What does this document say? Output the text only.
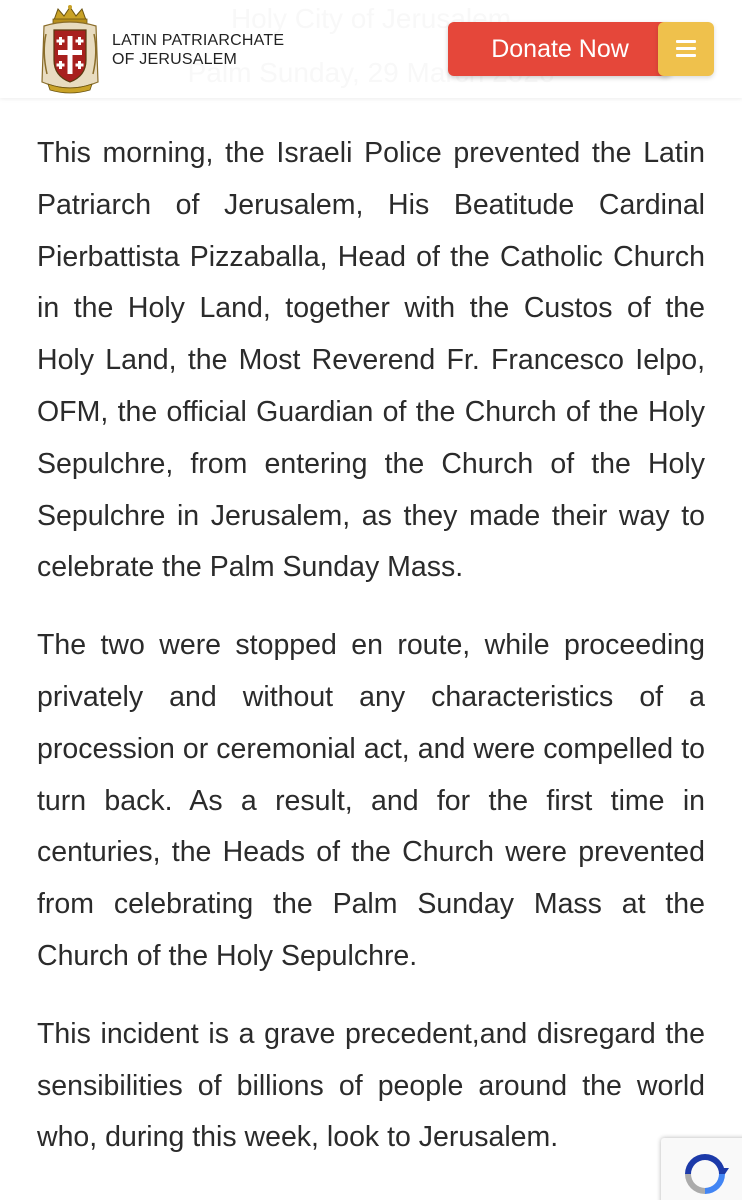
LATIN PATRIARCHATE
OF JERUSALEM	Donate Now

This morning, the Israeli Police prevented the Latin Patriarch of Jerusalem, His Beatitude Cardinal Pierbattista Pizzaballa, Head of the Catholic Church in the Holy Land, together with the Custos of the Holy Land, the Most Reverend Fr. Francesco Ielpo, OFM, the official Guardian of the Church of the Holy Sepulchre, from entering the Church of the Holy Sepulchre in Jerusalem, as they made their way to celebrate the Palm Sunday Mass.

The two were stopped en route, while proceeding privately and without any characteristics of a procession or ceremonial act, and were compelled to turn back. As a result, and for the first time in centuries, the Heads of the Church were prevented from celebrating the Palm Sunday Mass at the Church of the Holy Sepulchre.

This incident is a grave precedent,and disregard the sensibilities of billions of people around the world who, during this week, look to Jerusalem.
